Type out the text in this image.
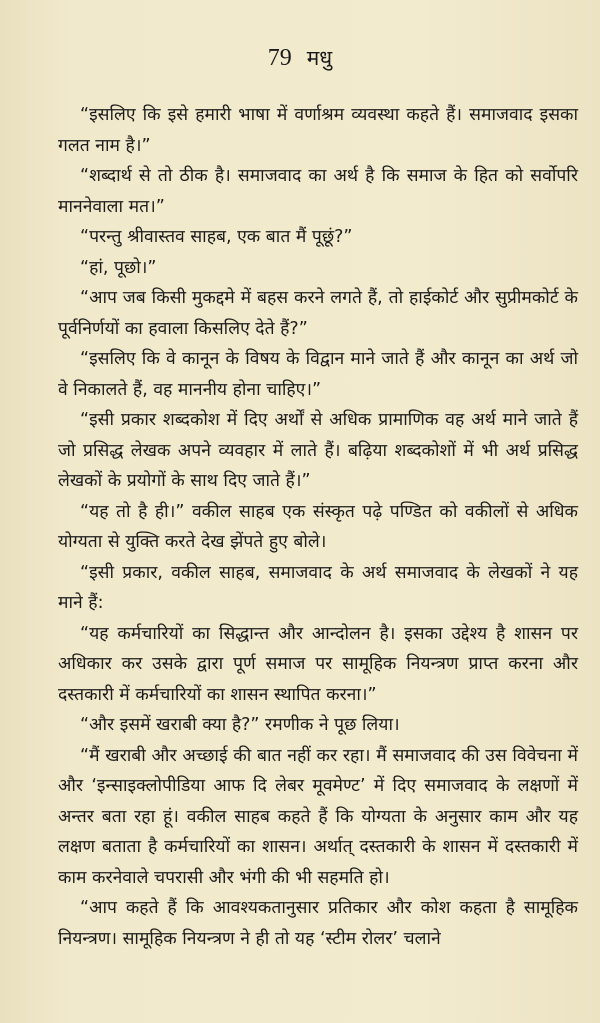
79 मधु

“इसलिए कि इसे हमारी भाषा में वर्णाश्रम व्यवस्था कहते हैं। समाजवाद इसका गलत नाम है।”

“शब्दार्थ से तो ठीक है। समाजवाद का अर्थ है कि समाज के हित को सर्वोपरि माननेवाला मत।”

“परन्तु श्रीवास्तव साहब, एक बात मैं पूछूं?”

“हां, पूछो।”

“आप जब किसी मुकद्दमे में बहस करने लगते हैं, तो हाईकोर्ट और सुप्रीमकोर्ट के पूर्वनिर्णयों का हवाला किसलिए देते हैं?”

“इसलिए कि वे कानून के विषय के विद्वान माने जाते हैं और कानून का अर्थ जो वे निकालते हैं, वह माननीय होना चाहिए।”

“इसी प्रकार शब्दकोश में दिए अर्थों से अधिक प्रामाणिक वह अर्थ माने जाते हैं जो प्रसिद्ध लेखक अपने व्यवहार में लाते हैं। बढ़िया शब्दकोशों में भी अर्थ प्रसिद्ध लेखकों के प्रयोगों के साथ दिए जाते हैं।”

“यह तो है ही।” वकील साहब एक संस्कृत पढ़े पण्डित को वकीलों से अधिक योग्यता से युक्ति करते देख झेंपते हुए बोले।

“इसी प्रकार, वकील साहब, समाजवाद के अर्थ समाजवाद के लेखकों ने यह माने हैं:

“यह कर्मचारियों का सिद्धान्त और आन्दोलन है। इसका उद्देश्य है शासन पर अधिकार कर उसके द्वारा पूर्ण समाज पर सामूहिक नियन्त्रण प्राप्त करना और दस्तकारी में कर्मचारियों का शासन स्थापित करना।”

“और इसमें खराबी क्या है?” रमणीक ने पूछ लिया।

“मैं खराबी और अच्छाई की बात नहीं कर रहा। मैं समाजवाद की उस विवेचना में और ‘इन्साइक्लोपीडिया आफ दि लेबर मूवमेण्ट’ में दिए समाजवाद के लक्षणों में अन्तर बता रहा हूं। वकील साहब कहते हैं कि योग्यता के अनुसार काम और यह लक्षण बताता है कर्मचारियों का शासन। अर्थात् दस्तकारी के शासन में दस्तकारी में काम करनेवाले चपरासी और भंगी की भी सहमति हो।

“आप कहते हैं कि आवश्यकतानुसार प्रतिकार और कोश कहता है सामूहिक नियन्त्रण। सामूहिक नियन्त्रण ने ही तो यह ‘स्टीम रोलर’ चलाने
